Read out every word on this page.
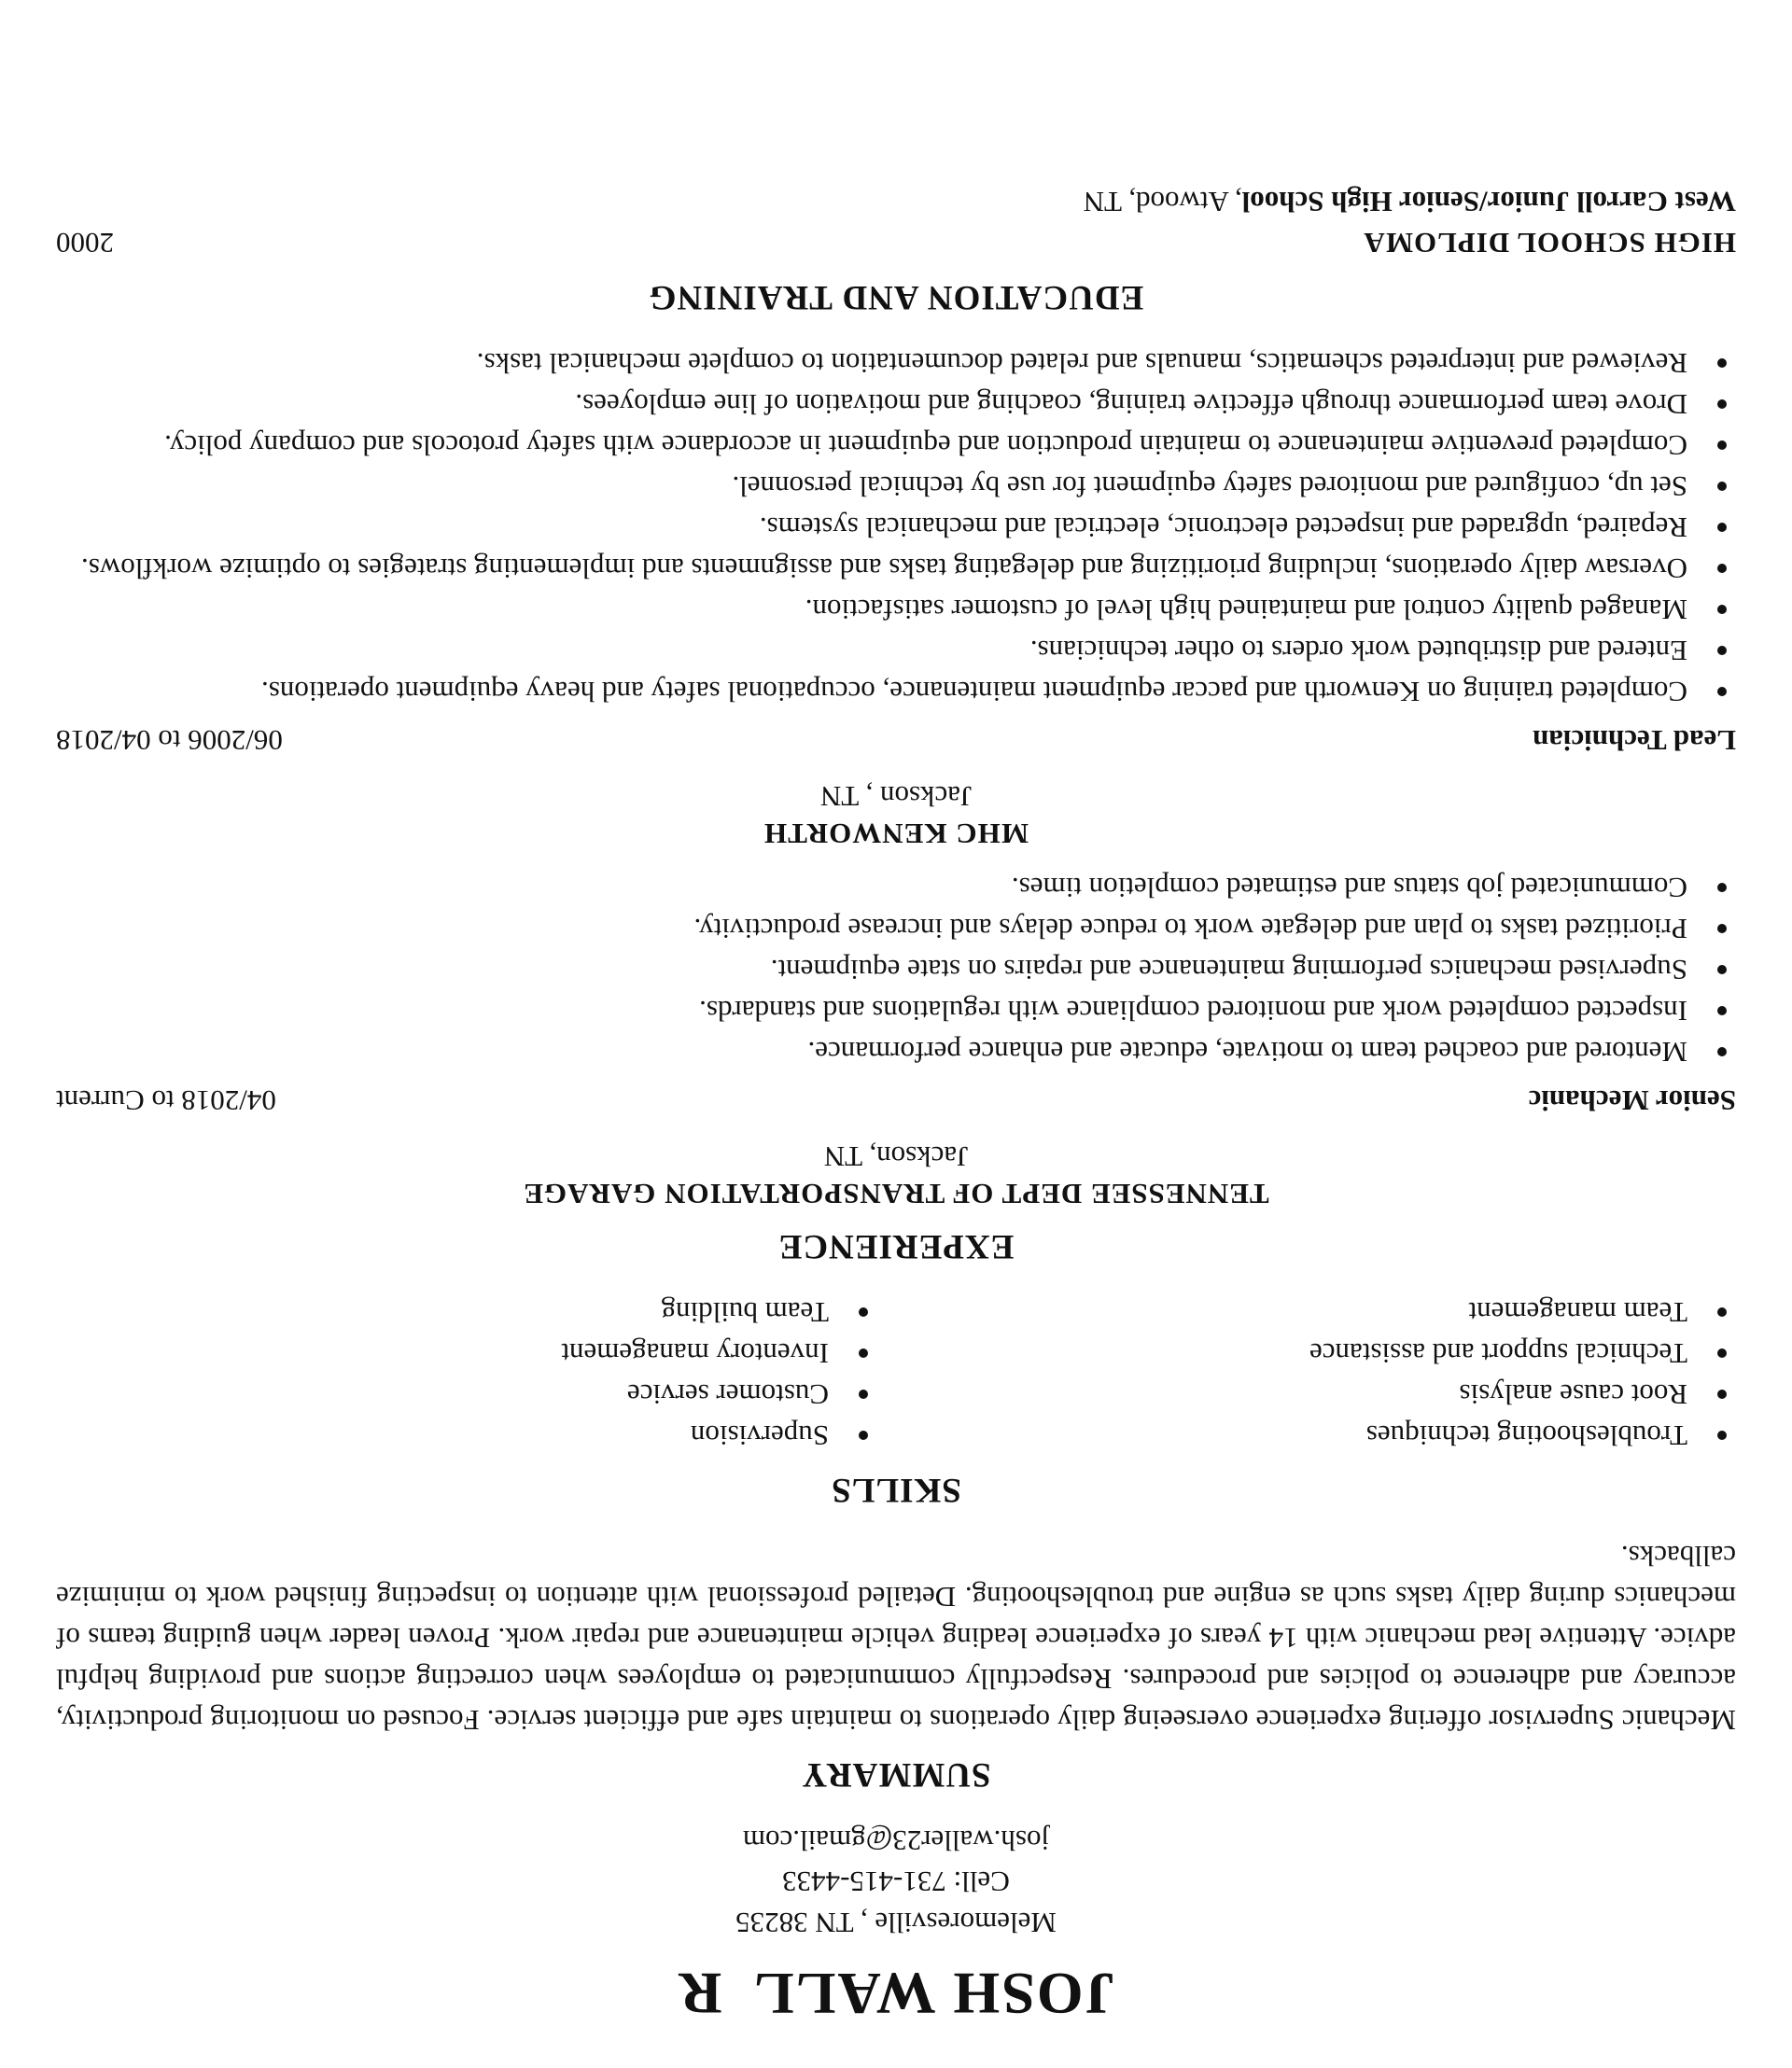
JOSH WALL  R
Melemoresville , TN 38235
Cell: 731-415-4433
josh.waller23@gmail.com
SUMMARY

Mechanic Supervisor offering experience overseeing daily operations to maintain safe and efficient service. Focused on monitoring productivity, accuracy and adherence to policies and procedures. Respectfully communicated to employees when correcting actions and providing helpful advice. Attentive lead mechanic with 14 years of experience leading vehicle maintenance and repair work. Proven leader when guiding teams of mechanics during daily tasks such as engine and troubleshooting. Detailed professional with attention to inspecting finished work to minimize callbacks.

SKILLS
Troubleshooting techniques
Supervision
Root cause analysis
Customer service
Technical support and assistance
Inventory management
Team management
Team building
EXPERIENCE
TENNESSEE DEPT OF TRANSPORTATION GARAGE
Jackson, TN
Senior Mechanic
04/2018 to Current
Mentored and coached team to motivate, educate and enhance performance.
Inspected completed work and monitored compliance with regulations and standards.
Supervised mechanics performing maintenance and repairs on state equipment.
Prioritized tasks to plan and delegate work to reduce delays and increase productivity.
Communicated job status and estimated completion times.
MHC KENWORTH
Jackson , TN
Lead Technician
06/2006 to 04/2018
Completed training on Kenworth and paccar equipment maintenance, occupational safety and heavy equipment operations.
Entered and distributed work orders to other technicians.
Managed quality control and maintained high level of customer satisfaction.
Oversaw daily operations, including prioritizing and delegating tasks and assignments and implementing strategies to optimize workflows.
Repaired, upgraded and inspected electronic, electrical and mechanical systems.
Set up, configured and monitored safety equipment for use by technical personnel.
Completed preventive maintenance to maintain production and equipment in accordance with safety protocols and company policy.
Drove team performance through effective training, coaching and motivation of line employees.
Reviewed and interpreted schematics, manuals and related documentation to complete mechanical tasks.
EDUCATION AND TRAINING
HIGH SCHOOL DIPLOMA
2000
West Carroll Junior/Senior High School, Atwood, TN
